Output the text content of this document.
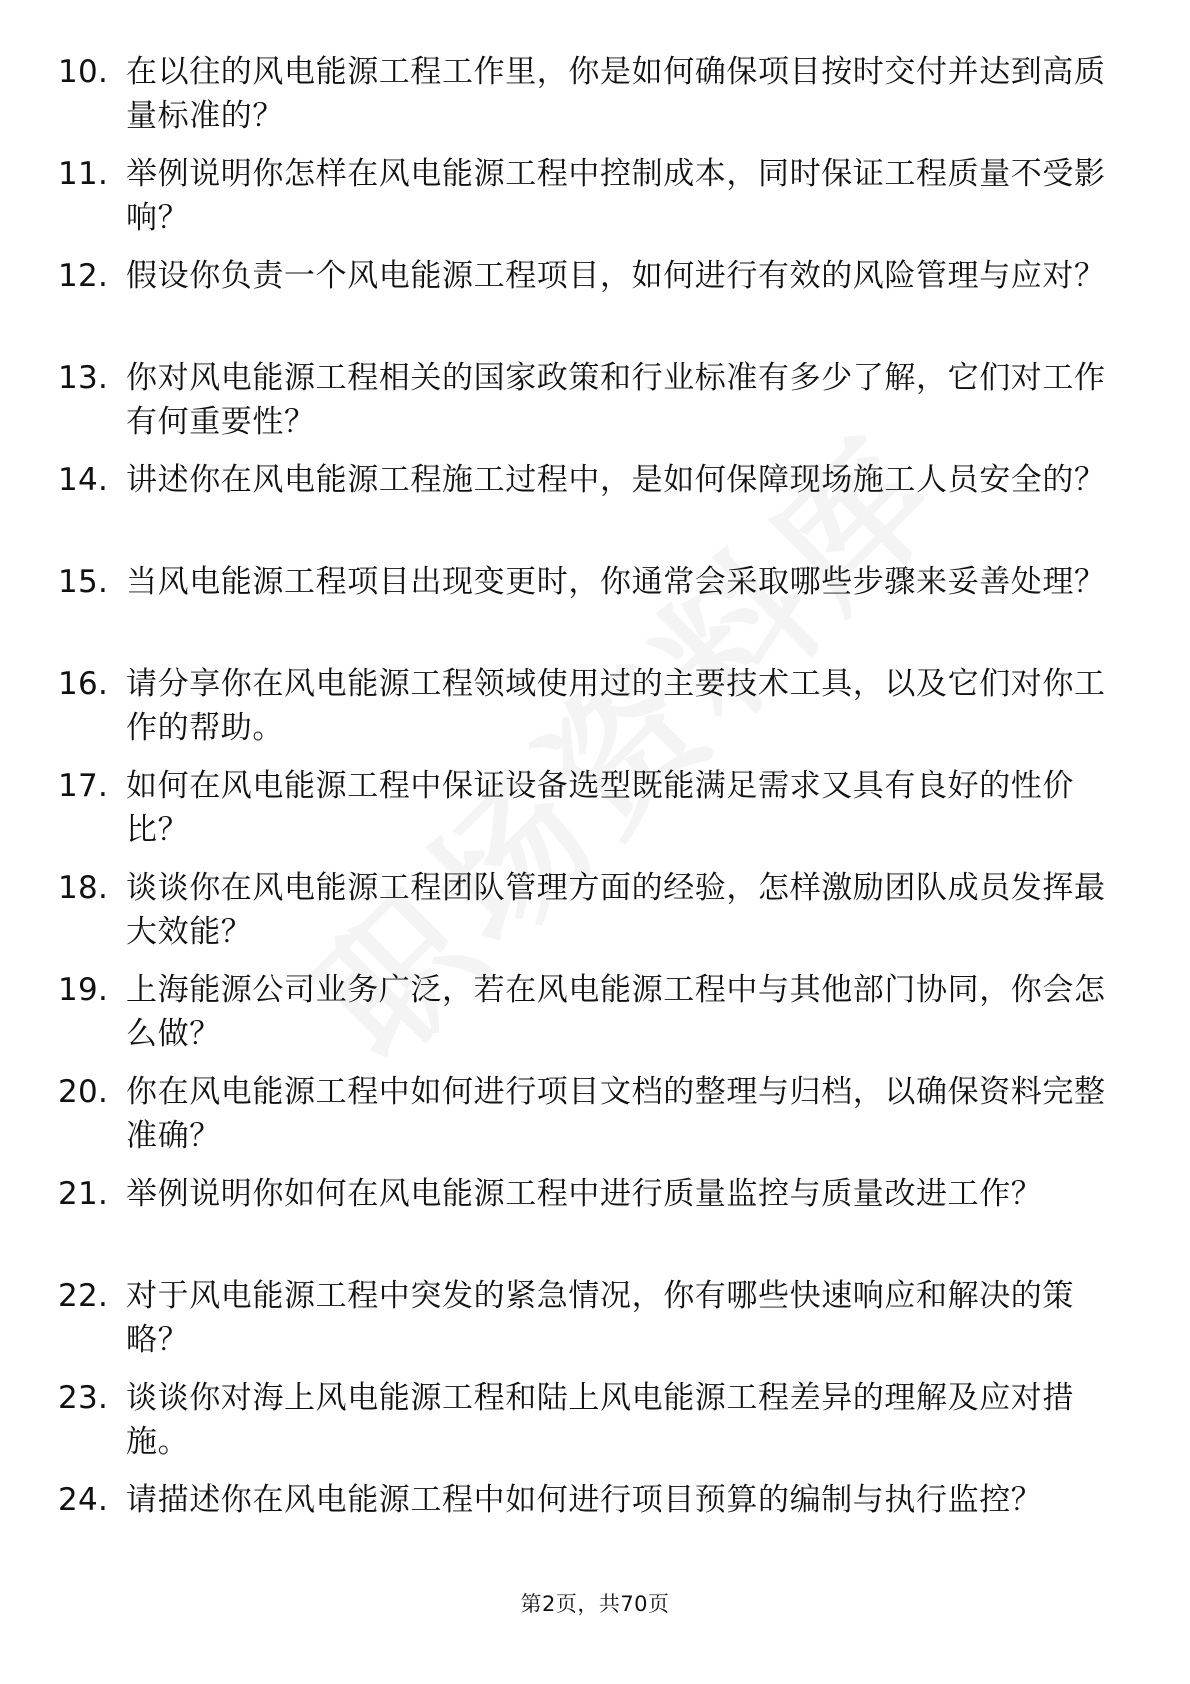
10. 在以往的风电能源工程工作里，你是如何确保项目按时交付并达到高质量标准的？
11. 举例说明你怎样在风电能源工程中控制成本，同时保证工程质量不受影响？
12. 假设你负责一个风电能源工程项目，如何进行有效的风险管理与应对？
13. 你对风电能源工程相关的国家政策和行业标准有多少了解，它们对工作有何重要性？
14. 讲述你在风电能源工程施工过程中，是如何保障现场施工人员安全的？
15. 当风电能源工程项目出现变更时，你通常会采取哪些步骤来妥善处理？
16. 请分享你在风电能源工程领域使用过的主要技术工具，以及它们对你工作的帮助。
17. 如何在风电能源工程中保证设备选型既能满足需求又具有良好的性价比？
18. 谈谈你在风电能源工程团队管理方面的经验，怎样激励团队成员发挥最大效能？
19. 上海能源公司业务广泛，若在风电能源工程中与其他部门协同，你会怎么做？
20. 你在风电能源工程中如何进行项目文档的整理与归档，以确保资料完整准确？
21. 举例说明你如何在风电能源工程中进行质量监控与质量改进工作？
22. 对于风电能源工程中突发的紧急情况，你有哪些快速响应和解决的策略？
23. 谈谈你对海上风电能源工程和陆上风电能源工程差异的理解及应对措施。
24. 请描述你在风电能源工程中如何进行项目预算的编制与执行监控？
第2页，共70页
